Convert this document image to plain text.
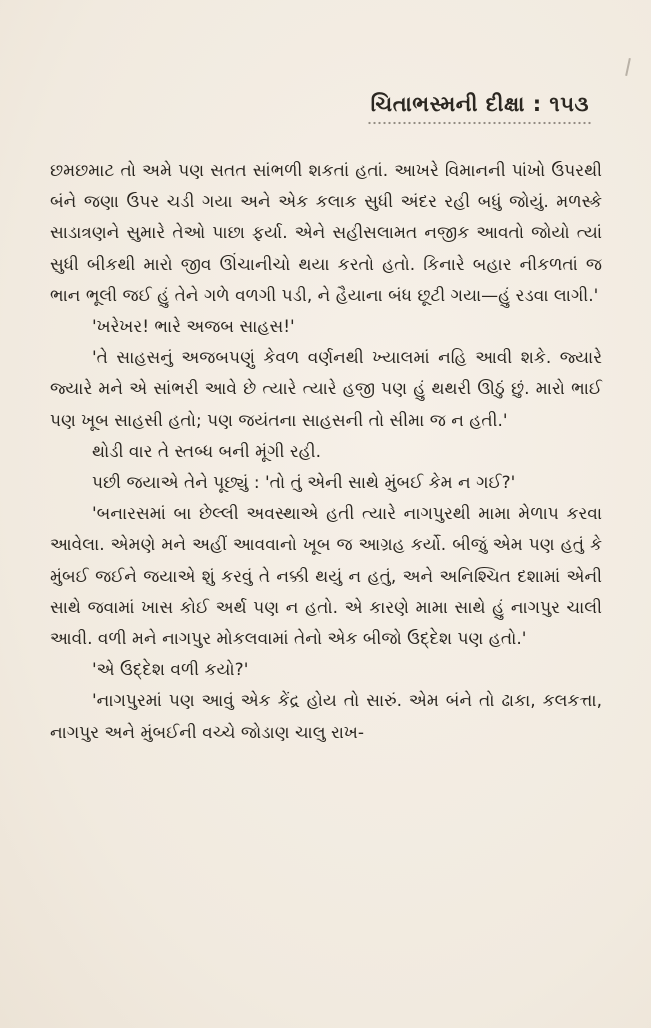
ચિતાભસ્મની દીક્ષા : ૧૫૩

છમછમાટ તો અમે પણ સતત સાંભળી શકતાં હતાં. આખરે વિમાનની પાંખો ઉપરથી બંને જણા ઉપર ચડી ગયા અને એક કલાક સુધી અંદર રહી બધું જોયું. મળસ્કે સાડાત્રણને સુમારે તેઓ પાછા ફર્યા. એને સહીસલામત નજીક આવતો જોયો ત્યાં સુધી બીકથી મારો જીવ ઊંચાનીચો થયા કરતો હતો. કિનારે બહાર નીકળતાં જ ભાન ભૂલી જઈ હું તેને ગળે વળગી પડી, ને હૈયાના બંધ છૂટી ગયા—હું રડવા લાગી.'

'ખરેખર! ભારે અજબ સાહસ!'

'તે સાહસનું અજબપણું કેવળ વર્ણનથી ખ્યાલમાં નહિ આવી શકે. જ્યારે જ્યારે મને એ સાંભરી આવે છે ત્યારે ત્યારે હજી પણ હું થથરી ઊઠું છું. મારો ભાઈ પણ ખૂબ સાહસી હતો; પણ જયંતના સાહસની તો સીમા જ ન હતી.'

થોડી વાર તે સ્તબ્ધ બની મૂંગી રહી.

પછી જયાએ તેને પૂછ્યું : 'તો તું એની સાથે મુંબઈ કેમ ન ગઈ?'

'બનારસમાં બા છેલ્લી અવસ્થાએ હતી ત્યારે નાગપુરથી મામા મેળાપ કરવા આવેલા. એમણે મને અહીં આવવાનો ખૂબ જ આગ્રહ કર્યો. બીજું એમ પણ હતું કે મુંબઈ જઈને જયાએ શું કરવું તે નક્કી થયું ન હતું, અને અનિશ્ચિત દશામાં એની સાથે જવામાં ખાસ કોઈ અર્થ પણ ન હતો. એ કારણે મામા સાથે હું નાગપુર ચાલી આવી. વળી મને નાગપુર મોકલવામાં તેનો એક બીજો ઉદ્દેશ પણ હતો.'

'એ ઉદ્દેશ વળી કયો?'

'નાગપુરમાં પણ આવું એક કેંદ્ર હોય તો સારું. એમ બંને તો ઢાકા, કલકત્તા, નાગપુર અને મુંબઈની વચ્ચે જોડાણ ચાલુ રાખ-
